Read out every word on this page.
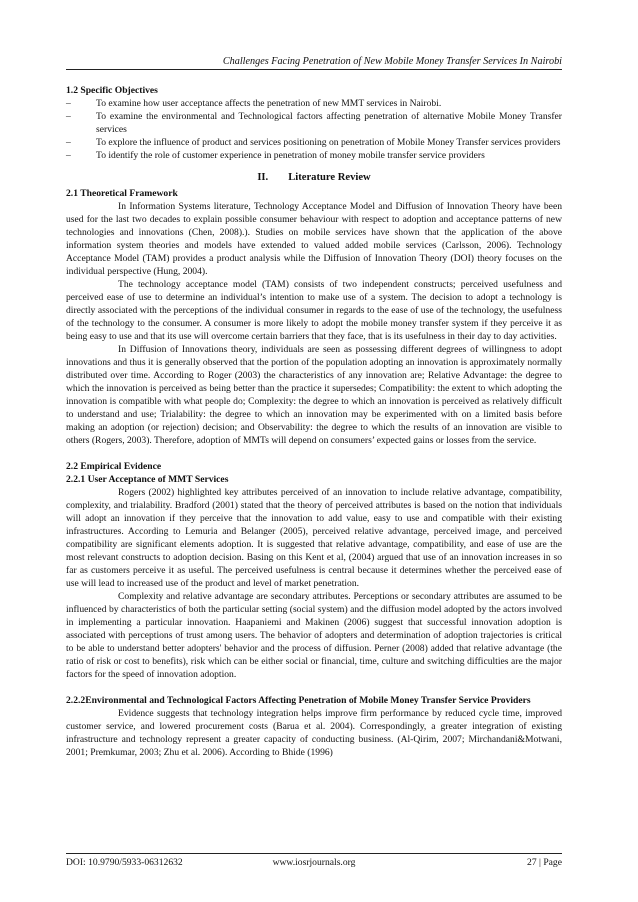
Challenges Facing Penetration of New Mobile Money Transfer Services In Nairobi
1.2 Specific Objectives
– To examine how user acceptance affects the penetration of new MMT services in Nairobi.
– To examine the environmental and Technological factors affecting penetration of alternative Mobile Money Transfer services
– To explore the influence of product and services positioning on penetration of Mobile Money Transfer services providers
– To identify the role of customer experience in penetration of money mobile transfer service providers
II. Literature Review
2.1 Theoretical Framework

In Information Systems literature, Technology Acceptance Model and Diffusion of Innovation Theory have been used for the last two decades to explain possible consumer behaviour with respect to adoption and acceptance patterns of new technologies and innovations (Chen, 2008).). Studies on mobile services have shown that the application of the above information system theories and models have extended to valued added mobile services (Carlsson, 2006). Technology Acceptance Model (TAM) provides a product analysis while the Diffusion of Innovation Theory (DOI) theory focuses on the individual perspective (Hung, 2004).

The technology acceptance model (TAM) consists of two independent constructs; perceived usefulness and perceived ease of use to determine an individual’s intention to make use of a system. The decision to adopt a technology is directly associated with the perceptions of the individual consumer in regards to the ease of use of the technology, the usefulness of the technology to the consumer. A consumer is more likely to adopt the mobile money transfer system if they perceive it as being easy to use and that its use will overcome certain barriers that they face, that is its usefulness in their day to day activities.

In Diffusion of Innovations theory, individuals are seen as possessing different degrees of willingness to adopt innovations and thus it is generally observed that the portion of the population adopting an innovation is approximately normally distributed over time. According to Roger (2003) the characteristics of any innovation are; Relative Advantage: the degree to which the innovation is perceived as being better than the practice it supersedes; Compatibility: the extent to which adopting the innovation is compatible with what people do; Complexity: the degree to which an innovation is perceived as relatively difficult to understand and use; Trialability: the degree to which an innovation may be experimented with on a limited basis before making an adoption (or rejection) decision; and Observability: the degree to which the results of an innovation are visible to others (Rogers, 2003). Therefore, adoption of MMTs will depend on consumers’ expected gains or losses from the service.

2.2 Empirical Evidence
2.2.1 User Acceptance of MMT Services

Rogers (2002) highlighted key attributes perceived of an innovation to include relative advantage, compatibility, complexity, and trialability. Bradford (2001) stated that the theory of perceived attributes is based on the notion that individuals will adopt an innovation if they perceive that the innovation to add value, easy to use and compatible with their existing infrastructures. According to Lemuria and Belanger (2005), perceived relative advantage, perceived image, and perceived compatibility are significant elements adoption. It is suggested that relative advantage, compatibility, and ease of use are the most relevant constructs to adoption decision. Basing on this Kent et al, (2004) argued that use of an innovation increases in so far as customers perceive it as useful. The perceived usefulness is central because it determines whether the perceived ease of use will lead to increased use of the product and level of market penetration.

Complexity and relative advantage are secondary attributes. Perceptions or secondary attributes are assumed to be influenced by characteristics of both the particular setting (social system) and the diffusion model adopted by the actors involved in implementing a particular innovation. Haapaniemi and Makinen (2006) suggest that successful innovation adoption is associated with perceptions of trust among users. The behavior of adopters and determination of adoption trajectories is critical to be able to understand better adopters' behavior and the process of diffusion. Perner (2008) added that relative advantage (the ratio of risk or cost to benefits), risk which can be either social or financial, time, culture and switching difficulties are the major factors for the speed of innovation adoption.

2.2.2Environmental and Technological Factors Affecting Penetration of Mobile Money Transfer Service Providers

Evidence suggests that technology integration helps improve firm performance by reduced cycle time, improved customer service, and lowered procurement costs (Barua et al. 2004). Correspondingly, a greater integration of existing infrastructure and technology represent a greater capacity of conducting business. (Al-Qirim, 2007; Mirchandani&Motwani, 2001; Premkumar, 2003; Zhu et al. 2006). According to Bhide (1996)

DOI: 10.9790/5933-06312632	www.iosrjournals.org	27 | Page
